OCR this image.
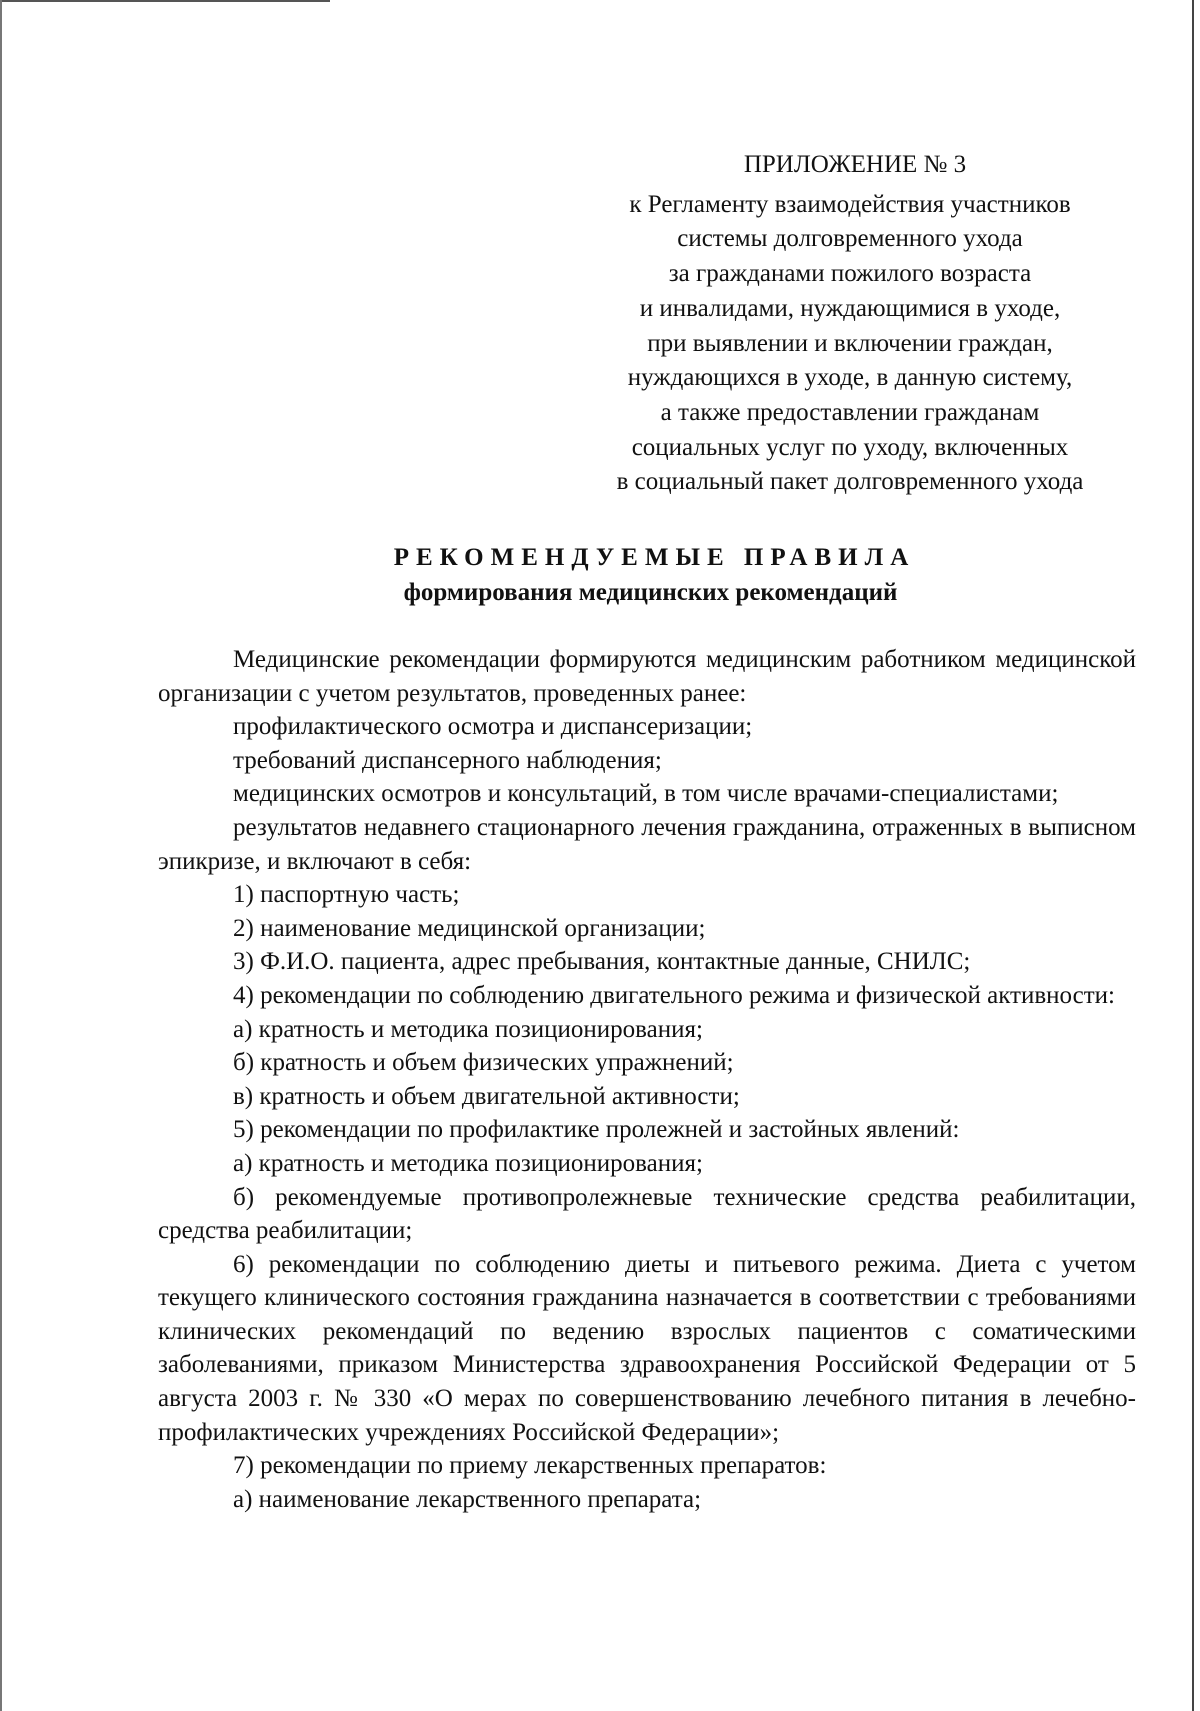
ПРИЛОЖЕНИЕ № 3

к Регламенту взаимодействия участников

системы долговременного ухода

за гражданами пожилого возраста

и инвалидами, нуждающимися в уходе,

при выявлении и включении граждан,

нуждающихся в уходе, в данную систему,

а также предоставлении гражданам

социальных услуг по уходу, включенных

в социальный пакет долговременного ухода

РЕКОМЕНДУЕМЫЕ ПРАВИЛА

формирования медицинских рекомендаций

Медицинские рекомендации формируются медицинским работником медицинской организации с учетом результатов, проведенных ранее:

профилактического осмотра и диспансеризации;

требований диспансерного наблюдения;

медицинских осмотров и консультаций, в том числе врачами-специалистами;

результатов недавнего стационарного лечения гражданина, отраженных в выписном эпикризе, и включают в себя:

1) паспортную часть;

2) наименование медицинской организации;

3) Ф.И.О. пациента, адрес пребывания, контактные данные, СНИЛС;

4) рекомендации по соблюдению двигательного режима и физической активности:

а) кратность и методика позиционирования;

б) кратность и объем физических упражнений;

в) кратность и объем двигательной активности;

5) рекомендации по профилактике пролежней и застойных явлений:

а) кратность и методика позиционирования;

б) рекомендуемые противопролежневые технические средства реабилитации, средства реабилитации;

6) рекомендации по соблюдению диеты и питьевого режима. Диета с учетом текущего клинического состояния гражданина назначается в соответствии с требованиями клинических рекомендаций по ведению взрослых пациентов с соматическими заболеваниями, приказом Министерства здравоохранения Российской Федерации от 5 августа 2003 г. № 330 «О мерах по совершенствованию лечебного питания в лечебно-профилактических учреждениях Российской Федерации»;

7) рекомендации по приему лекарственных препаратов:

а) наименование лекарственного препарата;
